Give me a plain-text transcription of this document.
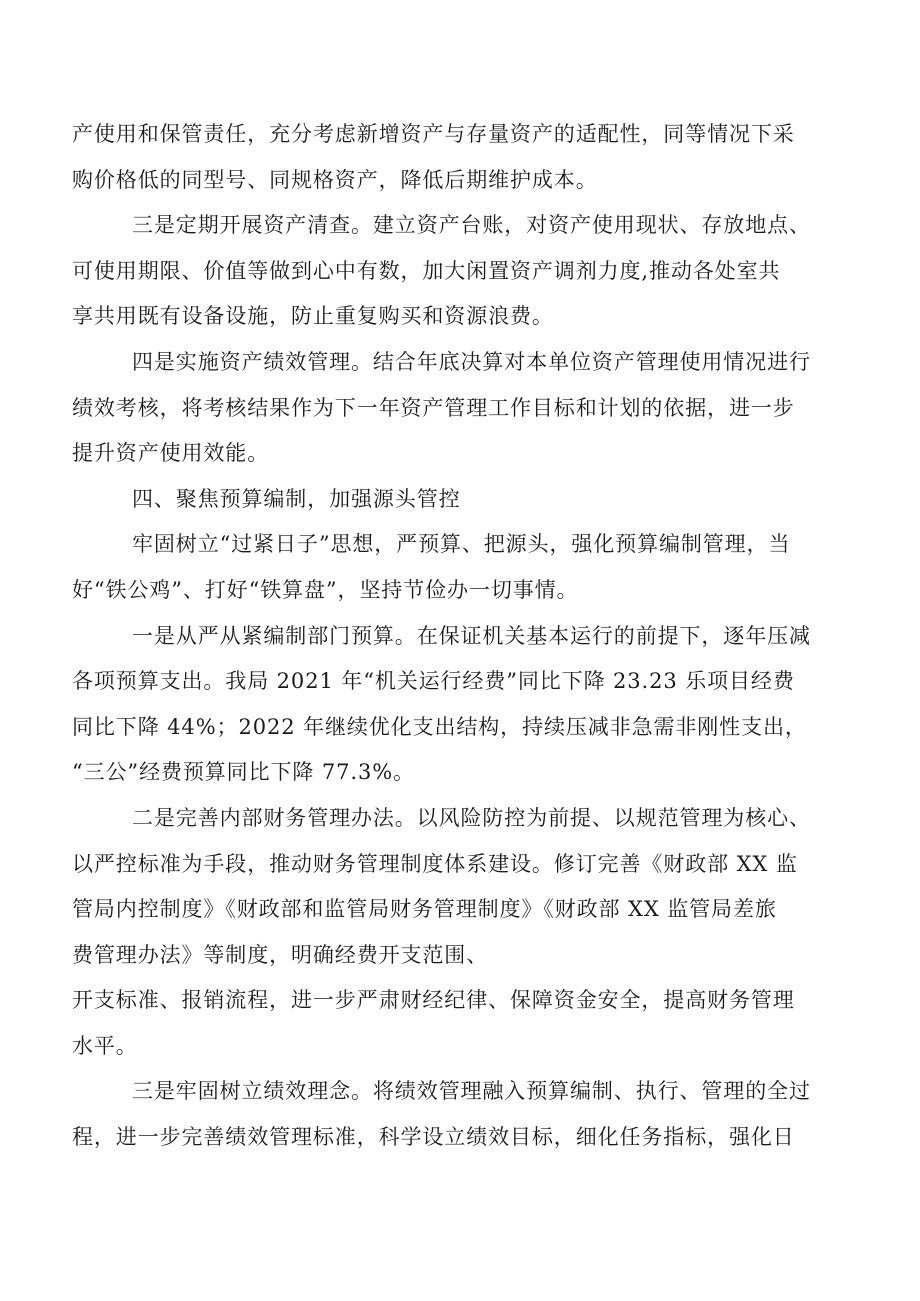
产使用和保管责任，充分考虑新增资产与存量资产的适配性，同等情况下采
购价格低的同型号、同规格资产，降低后期维护成本。
三是定期开展资产清查。建立资产台账，对资产使用现状、存放地点、
可使用期限、价值等做到心中有数，加大闲置资产调剂力度,推动各处室共
享共用既有设备设施，防止重复购买和资源浪费。
四是实施资产绩效管理。结合年底决算对本单位资产管理使用情况进行
绩效考核，将考核结果作为下一年资产管理工作目标和计划的依据，进一步
提升资产使用效能。
四、聚焦预算编制，加强源头管控
牢固树立“过紧日子”思想，严预算、把源头，强化预算编制管理，当
好“铁公鸡”、打好“铁算盘”，坚持节俭办一切事情。
一是从严从紧编制部门预算。在保证机关基本运行的前提下，逐年压减
各项预算支出。我局 2021 年“机关运行经费”同比下降 23.23 乐项目经费
同比下降 44%；2022 年继续优化支出结构，持续压减非急需非刚性支出，
“三公”经费预算同比下降 77.3%。
二是完善内部财务管理办法。以风险防控为前提、以规范管理为核心、
以严控标准为手段，推动财务管理制度体系建设。修订完善《财政部 XX 监
管局内控制度》《财政部和监管局财务管理制度》《财政部 XX 监管局差旅
费管理办法》等制度，明确经费开支范围、
开支标准、报销流程，进一步严肃财经纪律、保障资金安全，提高财务管理
水平。
三是牢固树立绩效理念。将绩效管理融入预算编制、执行、管理的全过
程，进一步完善绩效管理标准，科学设立绩效目标，细化任务指标，强化日
